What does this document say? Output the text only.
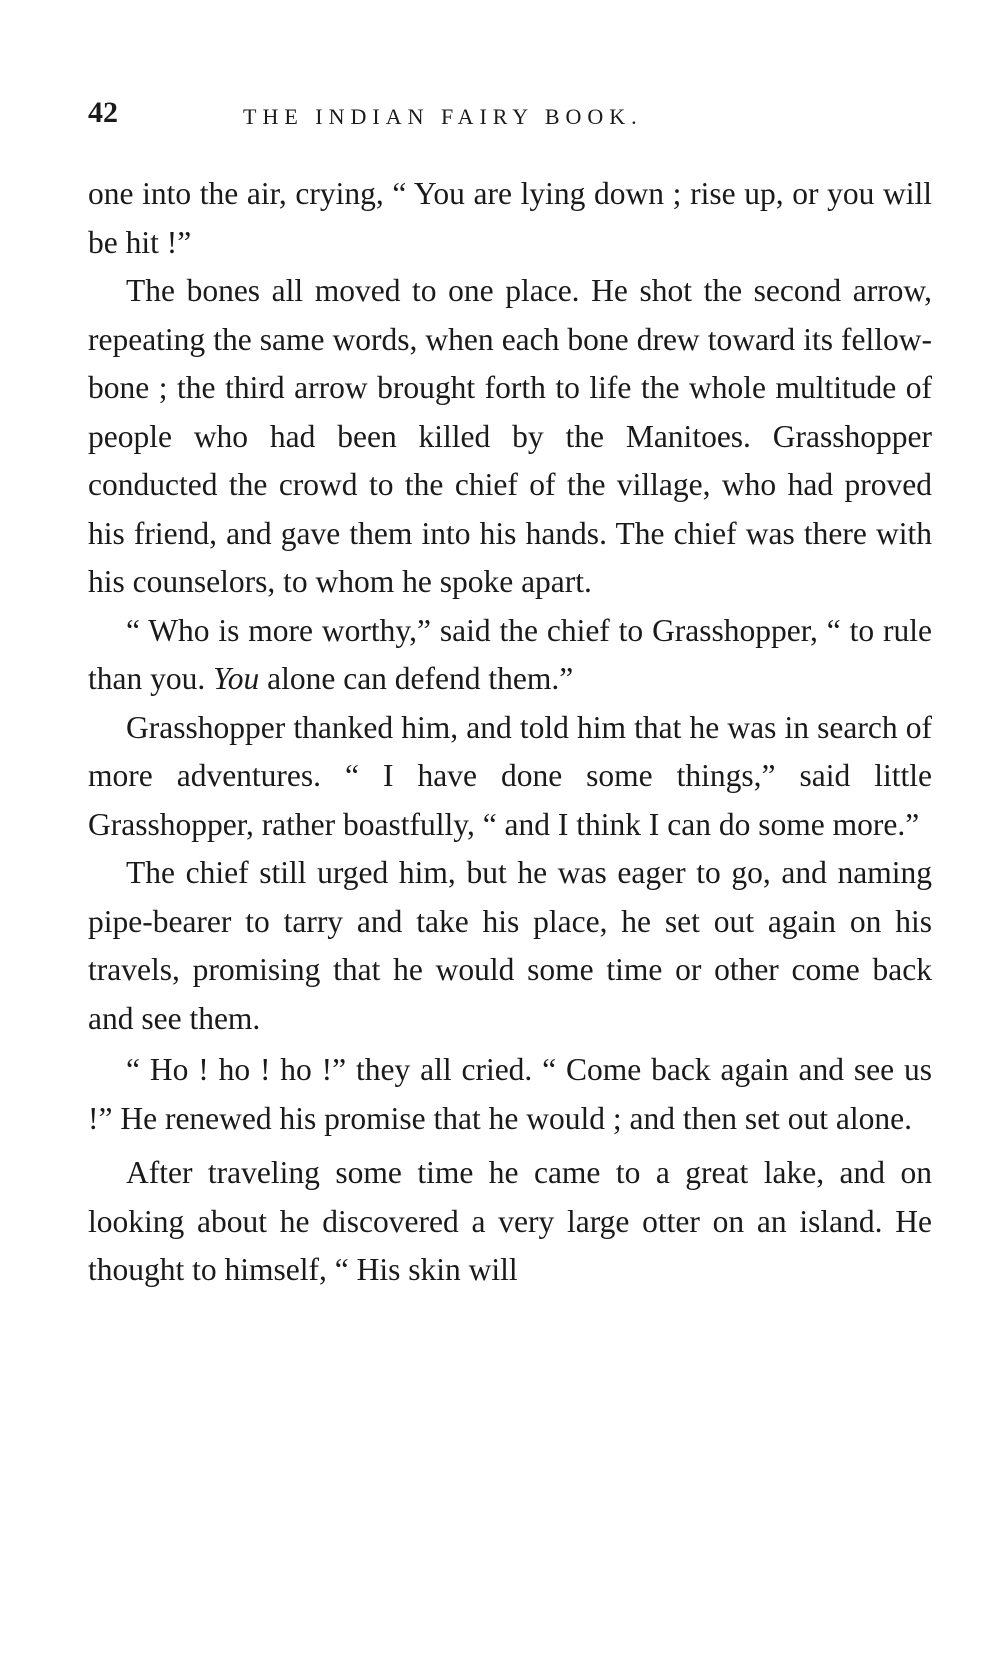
42	THE INDIAN FAIRY BOOK.

one into the air, crying, “ You are lying down ; rise up, or you will be hit !”

The bones all moved to one place. He shot the second arrow, repeating the same words, when each bone drew toward its fellow-bone ; the third arrow brought forth to life the whole multitude of people who had been killed by the Manitoes. Grasshopper conducted the crowd to the chief of the village, who had proved his friend, and gave them into his hands. The chief was there with his counselors, to whom he spoke apart.

“ Who is more worthy,” said the chief to Grasshopper, “ to rule than you. You alone can defend them.”

Grasshopper thanked him, and told him that he was in search of more adventures. “ I have done some things,” said little Grasshopper, rather boastfully, “ and I think I can do some more.”

The chief still urged him, but he was eager to go, and naming pipe-bearer to tarry and take his place, he set out again on his travels, promising that he would some time or other come back and see them.

“ Ho ! ho ! ho !” they all cried. “ Come back again and see us !” He renewed his promise that he would ; and then set out alone.

After traveling some time he came to a great lake, and on looking about he discovered a very large otter on an island. He thought to himself, “ His skin will
